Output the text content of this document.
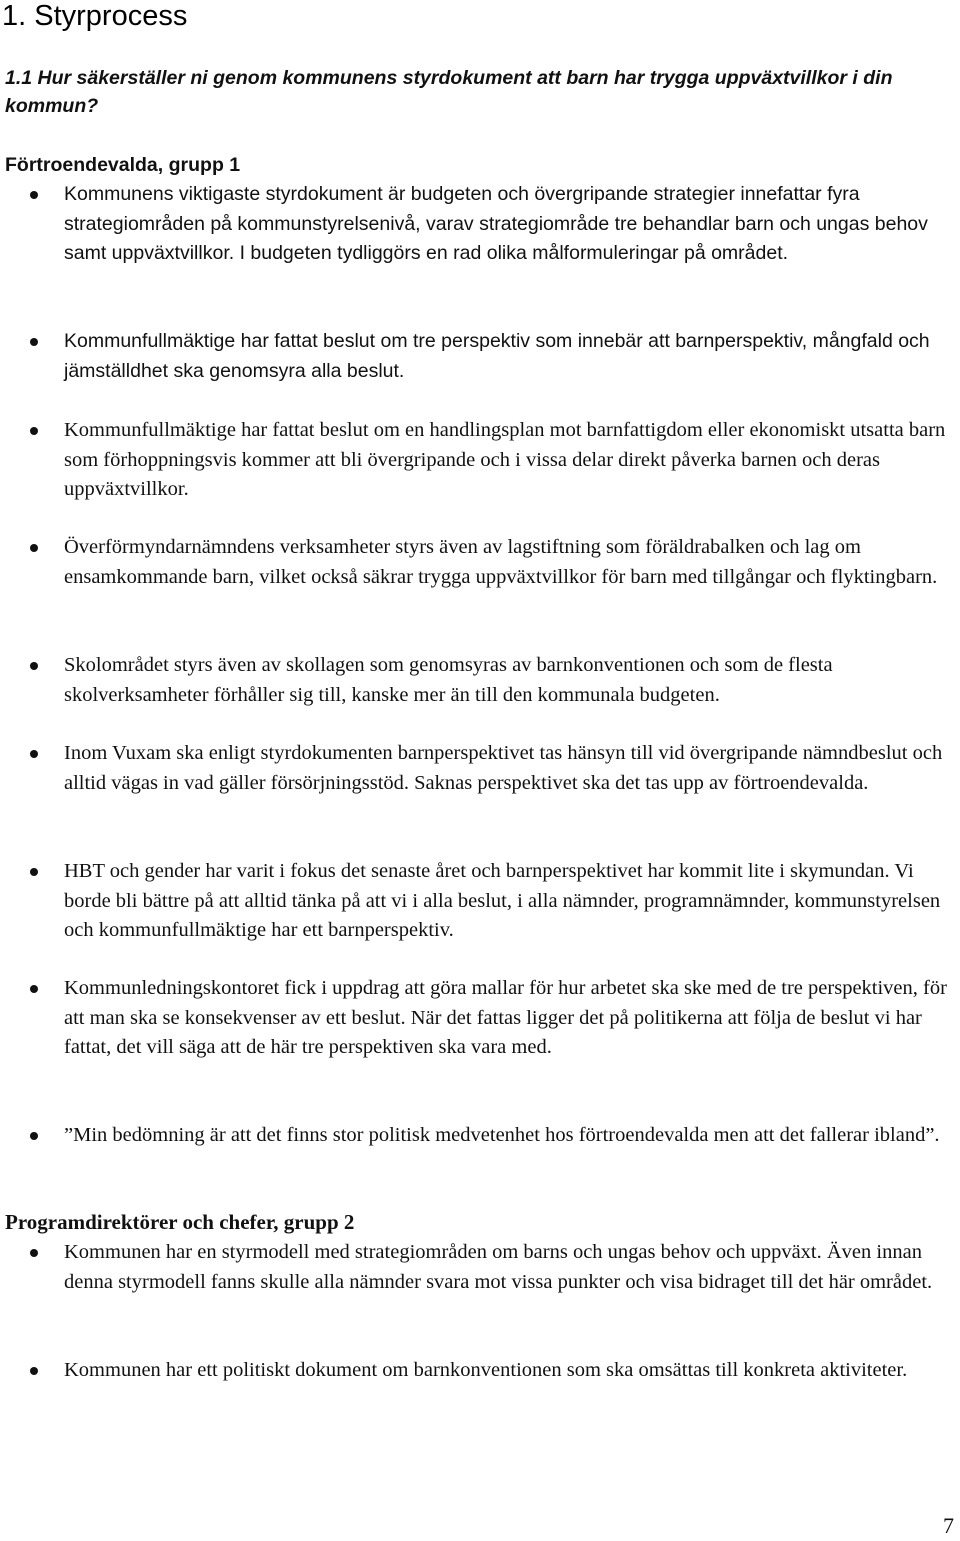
1. Styrprocess
1.1 Hur säkerställer ni genom kommunens styrdokument att barn har trygga uppväxtvillkor i din kommun?
Förtroendevalda, grupp 1

Kommunens viktigaste styrdokument är budgeten och övergripande strategier innefattar fyra strategiområden på kommunstyrelsenivå, varav strategiområde tre behandlar barn och ungas behov samt uppväxtvillkor. I budgeten tydliggörs en rad olika målformuleringar på området.

Kommunfullmäktige har fattat beslut om tre perspektiv som innebär att barnperspektiv, mångfald och jämställdhet ska genomsyra alla beslut.

Kommunfullmäktige har fattat beslut om en handlingsplan mot barnfattigdom eller ekonomiskt utsatta barn som förhoppningsvis kommer att bli övergripande och i vissa delar direkt påverka barnen och deras uppväxtvillkor.

Överförmyndarnämndens verksamheter styrs även av lagstiftning som föräldrabalken och lag om ensamkommande barn, vilket också säkrar trygga uppväxtvillkor för barn med tillgångar och flyktingbarn.

Skolområdet styrs även av skollagen som genomsyras av barnkonventionen och som de flesta skolverksamheter förhåller sig till, kanske mer än till den kommunala budgeten.

Inom Vuxam ska enligt styrdokumenten barnperspektivet tas hänsyn till vid övergripande nämndbeslut och alltid vägas in vad gäller försörjningsstöd. Saknas perspektivet ska det tas upp av förtroendevalda.

HBT och gender har varit i fokus det senaste året och barnperspektivet har kommit lite i skymundan. Vi borde bli bättre på att alltid tänka på att vi i alla beslut, i alla nämnder, programnämnder, kommunstyrelsen och kommunfullmäktige har ett barnperspektiv.

Kommunledningskontoret fick i uppdrag att göra mallar för hur arbetet ska ske med de tre perspektiven, för att man ska se konsekvenser av ett beslut. När det fattas ligger det på politikerna att följa de beslut vi har fattat, det vill säga att de här tre perspektiven ska vara med.

”Min bedömning är att det finns stor politisk medvetenhet hos förtroendevalda men att det fallerar ibland”.

Programdirektörer och chefer, grupp 2

Kommunen har en styrmodell med strategiområden om barns och ungas behov och uppväxt. Även innan denna styrmodell fanns skulle alla nämnder svara mot vissa punkter och visa bidraget till det här området.

Kommunen har ett politiskt dokument om barnkonventionen som ska omsättas till konkreta aktiviteter.

7
